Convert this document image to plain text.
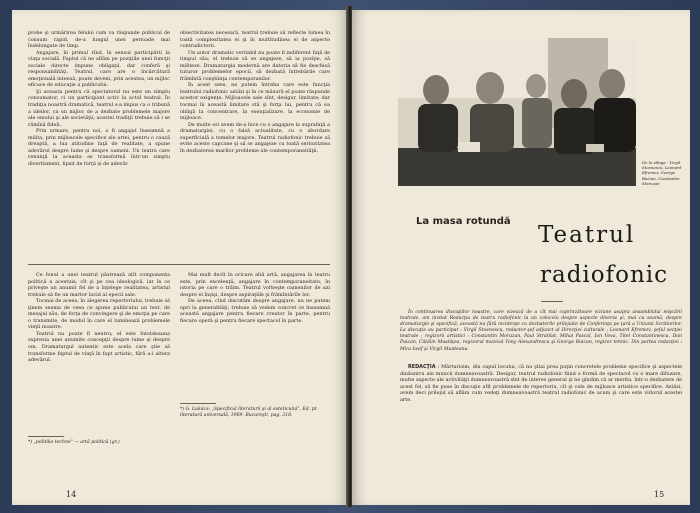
probe şi urmărirea felului cum va răspunde publicul de consum rapid, de-a lungul unei perioade mai îndelungate de timp.

Angajare, în primul rînd, în sensul participării la viaţa socială. Faptul că ne aflăm pe poziţiile unei funcţii sociale directe impune obligaţii, dar conferă şi responsabilităţi. Teatrul, care are o încărcătură emoţională intensă, poate deveni, prin acestea, un mijloc eficace de educaţie a publicului.

Şi aceasta pentru că spectatorul nu este un simplu consumator, ci un participant activ la actul teatral. În tradiţia noastră dramatică, teatrul s-a impus ca o tribună a ideilor, ca un mijloc de a dezbate problemele majore ale omului şi ale societăţii; acestei tradiţii trebuie să i se rămînă fideli.

Prin urmare, pentru noi, a fi angajat înseamnă a milita, prin mijloacele specifice ale artei, pentru o cauză dreaptă, a lua atitudine faţă de realitate, a spune adevărul despre lume şi despre oameni. Un teatru care renunţă la aceasta se transformă într-un simplu divertisment, lipsit de forţă şi de adevăr.

obiectivitatea necesară, teatrul trebuie să reflecte lumea în toată complexitatea ei şi în multitudinea ei de aspecte contradictorii.

Un autor dramatic veritabil nu poate fi indiferent faţă de timpul său; el trebuie să se angajeze, să ia poziţie, să militeze. Dramaturgia modernă are datoria să fie deschisă tuturor problemelor epocii, să dezbată întrebările care frămîntă conştiinţa contemporanilor.

În acest sens, ne putem întreba care este funcţia teatrului radiofonic astăzi şi în ce măsură el poate răspunde acestor exigenţe. Mijloacele sale sînt, desigur, limitate; dar tocmai în această limitare stă şi forţa lui, pentru că ea obligă la concentrare, la esenţializare, la economie de mijloace.

De multe ori avem de-a face cu o angajare la suprafaţă a dramaturgiei, cu o falsă actualitate, cu o abordare superficială a temelor majore. Teatrul radiofonic trebuie să evite aceste capcane şi să se angajeze cu toată seriozitatea în dezbaterea marilor probleme ale contemporaneităţii.

Ce fonul a unei teatrul păstrează atît componenta politică a acestuia, cît şi pe cea ideologică, iar în ce priveşte un anumit fel de a înţelege realitatea, artistul trebuie să fie un martor lucid al epocii sale.

Tocmai de aceea, în alegerea repertoriului, trebuie să ţinem seama de ceea ce spune publicului un text, de mesajul său, de forţa de convingere şi de emoţia pe care o transmite, de modul în care el luminează problemele vieţii noastre.

Teatrul nu poate fi neutru; el este întotdeauna expresia unei anumite concepţii despre lume şi despre om. Dramaturgul autentic este acela care ştie să transforme faptul de viaţă în fapt artistic, fără a-i altera adevărul.

Mai mult decît în oricare altă artă, angajarea în teatru este, prin excelenţă, angajare în contemporaneitate, în istoria pe care o trăim. Teatrul vorbeşte oamenilor de azi despre ei înşişi, despre aspiraţiile şi frămîntările lor.

De aceea, cînd discutăm despre angajare, nu ne putem opri la generalităţi; trebuie să vedem concret ce înseamnă această angajare pentru fiecare creator în parte, pentru fiecare operă şi pentru fiecare spectacol în parte.

*) „politike techne" — artă politică (gr.)
*) G. Lukács: „Specificul literaturii şi al esteticului", Ed. pt. literatură universală, 1969, Bucureşti, pag. 318.
14
De la stînga : Virgil Stoenescu, Leonard Efremov, George Buican, Constantin Moruzan
La masa rotundă
Teatrul
radiofonic

În continuarea discuţiilor noastre, care vizează de a cît mai cuprinzătoare viziune asupra ansamblului mişcării teatrale, am invitat Redacţia de teatru radiofonic la un colocviu despre aspecte diverse şi, mai cu seamă, despre dramaturgie şi specifică, această nu fără incidenţe cu dezbaterile prilejuite de Conferinţa pe ţară a Uniunii Scriitorilor. La discuţie au participat : Virgil Stoenescu, redactor-şef adjunct al Direcţiei culturale ; Leonard Efremov, şeful secţiei teatrale ; regizorii artistici : Constantin Moruzan, Paul Stratilat, Mihai Pascal, Ion Vova, Titel Constantinescu, Dan Puican, Cătălin Mustăţea, regizorul muzical Tony Alexandrescu şi George Buican, regizor tehnic. Din partea redacţiei : Mira Iosif şi Virgil Munteanu.

REDACŢIA : Mărturisim, din capul locului, că nu ştiai prea puţin concretele probleme specifice şi aspectele dinăuntru ale muncii dumneavoastră. Desigur, teatrul radiofonic fiind o formă de spectacol cu o mare difuzare, multe aspecte ale activităţii dumneavoastră sînt de interes general şi ne gîndim că ar merita, într-o dezbatere de acest fel, să fie puse în discuţie atît problemele de repertoriu, cît şi cele de mijloace artistice specifice. Astăzi, avem deci prilejul să aflăm cum vedeţi dumneavoastră teatrul radiofonic de acum şi care este viitorul acestei arte.

15
